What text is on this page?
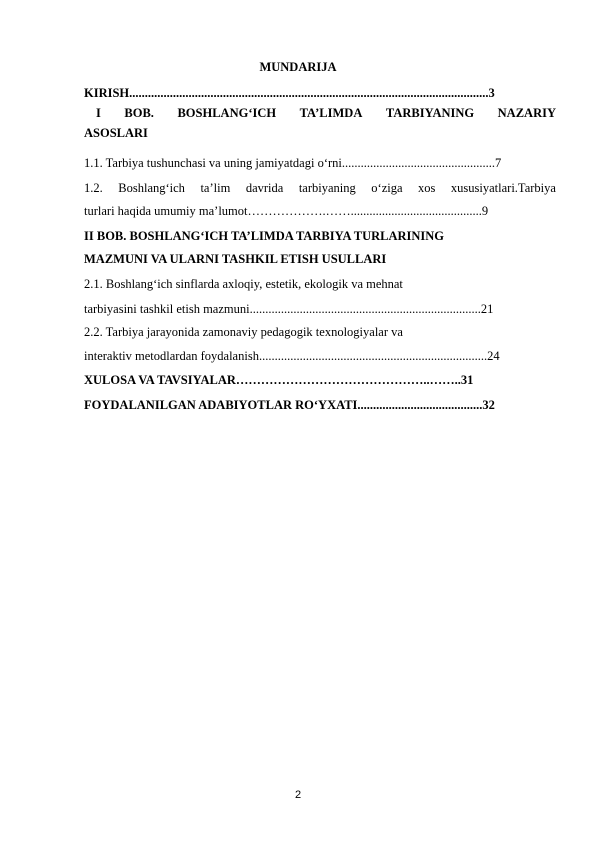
MUNDARIJA
KIRISH...................................................................................................................3
I BOB. BOSHLANG‘ICH TA’LIMDA TARBIYANING NAZARIY
ASOSLARI
1.1. Tarbiya tushunchasi va uning jamiyatdagi o‘rni.................................................7
1.2. Boshlang‘ich ta’lim davrida tarbiyaning o‘ziga xos xususiyatlari.Tarbiya
turlari haqida umumiy ma’lumot……………….……..........................................9
II BOB. BOSHLANG‘ICH TA’LIMDA TARBIYA TURLARINING
MAZMUNI VA ULARNI TASHKIL ETISH USULLARI
2.1. Boshlang‘ich sinflarda axloqiy, estetik, ekologik va mehnat
tarbiyasini tashkil etish mazmuni..........................................................................21
2.2. Tarbiya jarayonida zamonaviy pedagogik texnologiyalar va
interaktiv metodlardan foydalanish.........................................................................24
XULOSA VA TAVSIYALAR………………………………………..……..31
FOYDALANILGAN ADABIYOTLAR RO‘YXATI........................................32
2
